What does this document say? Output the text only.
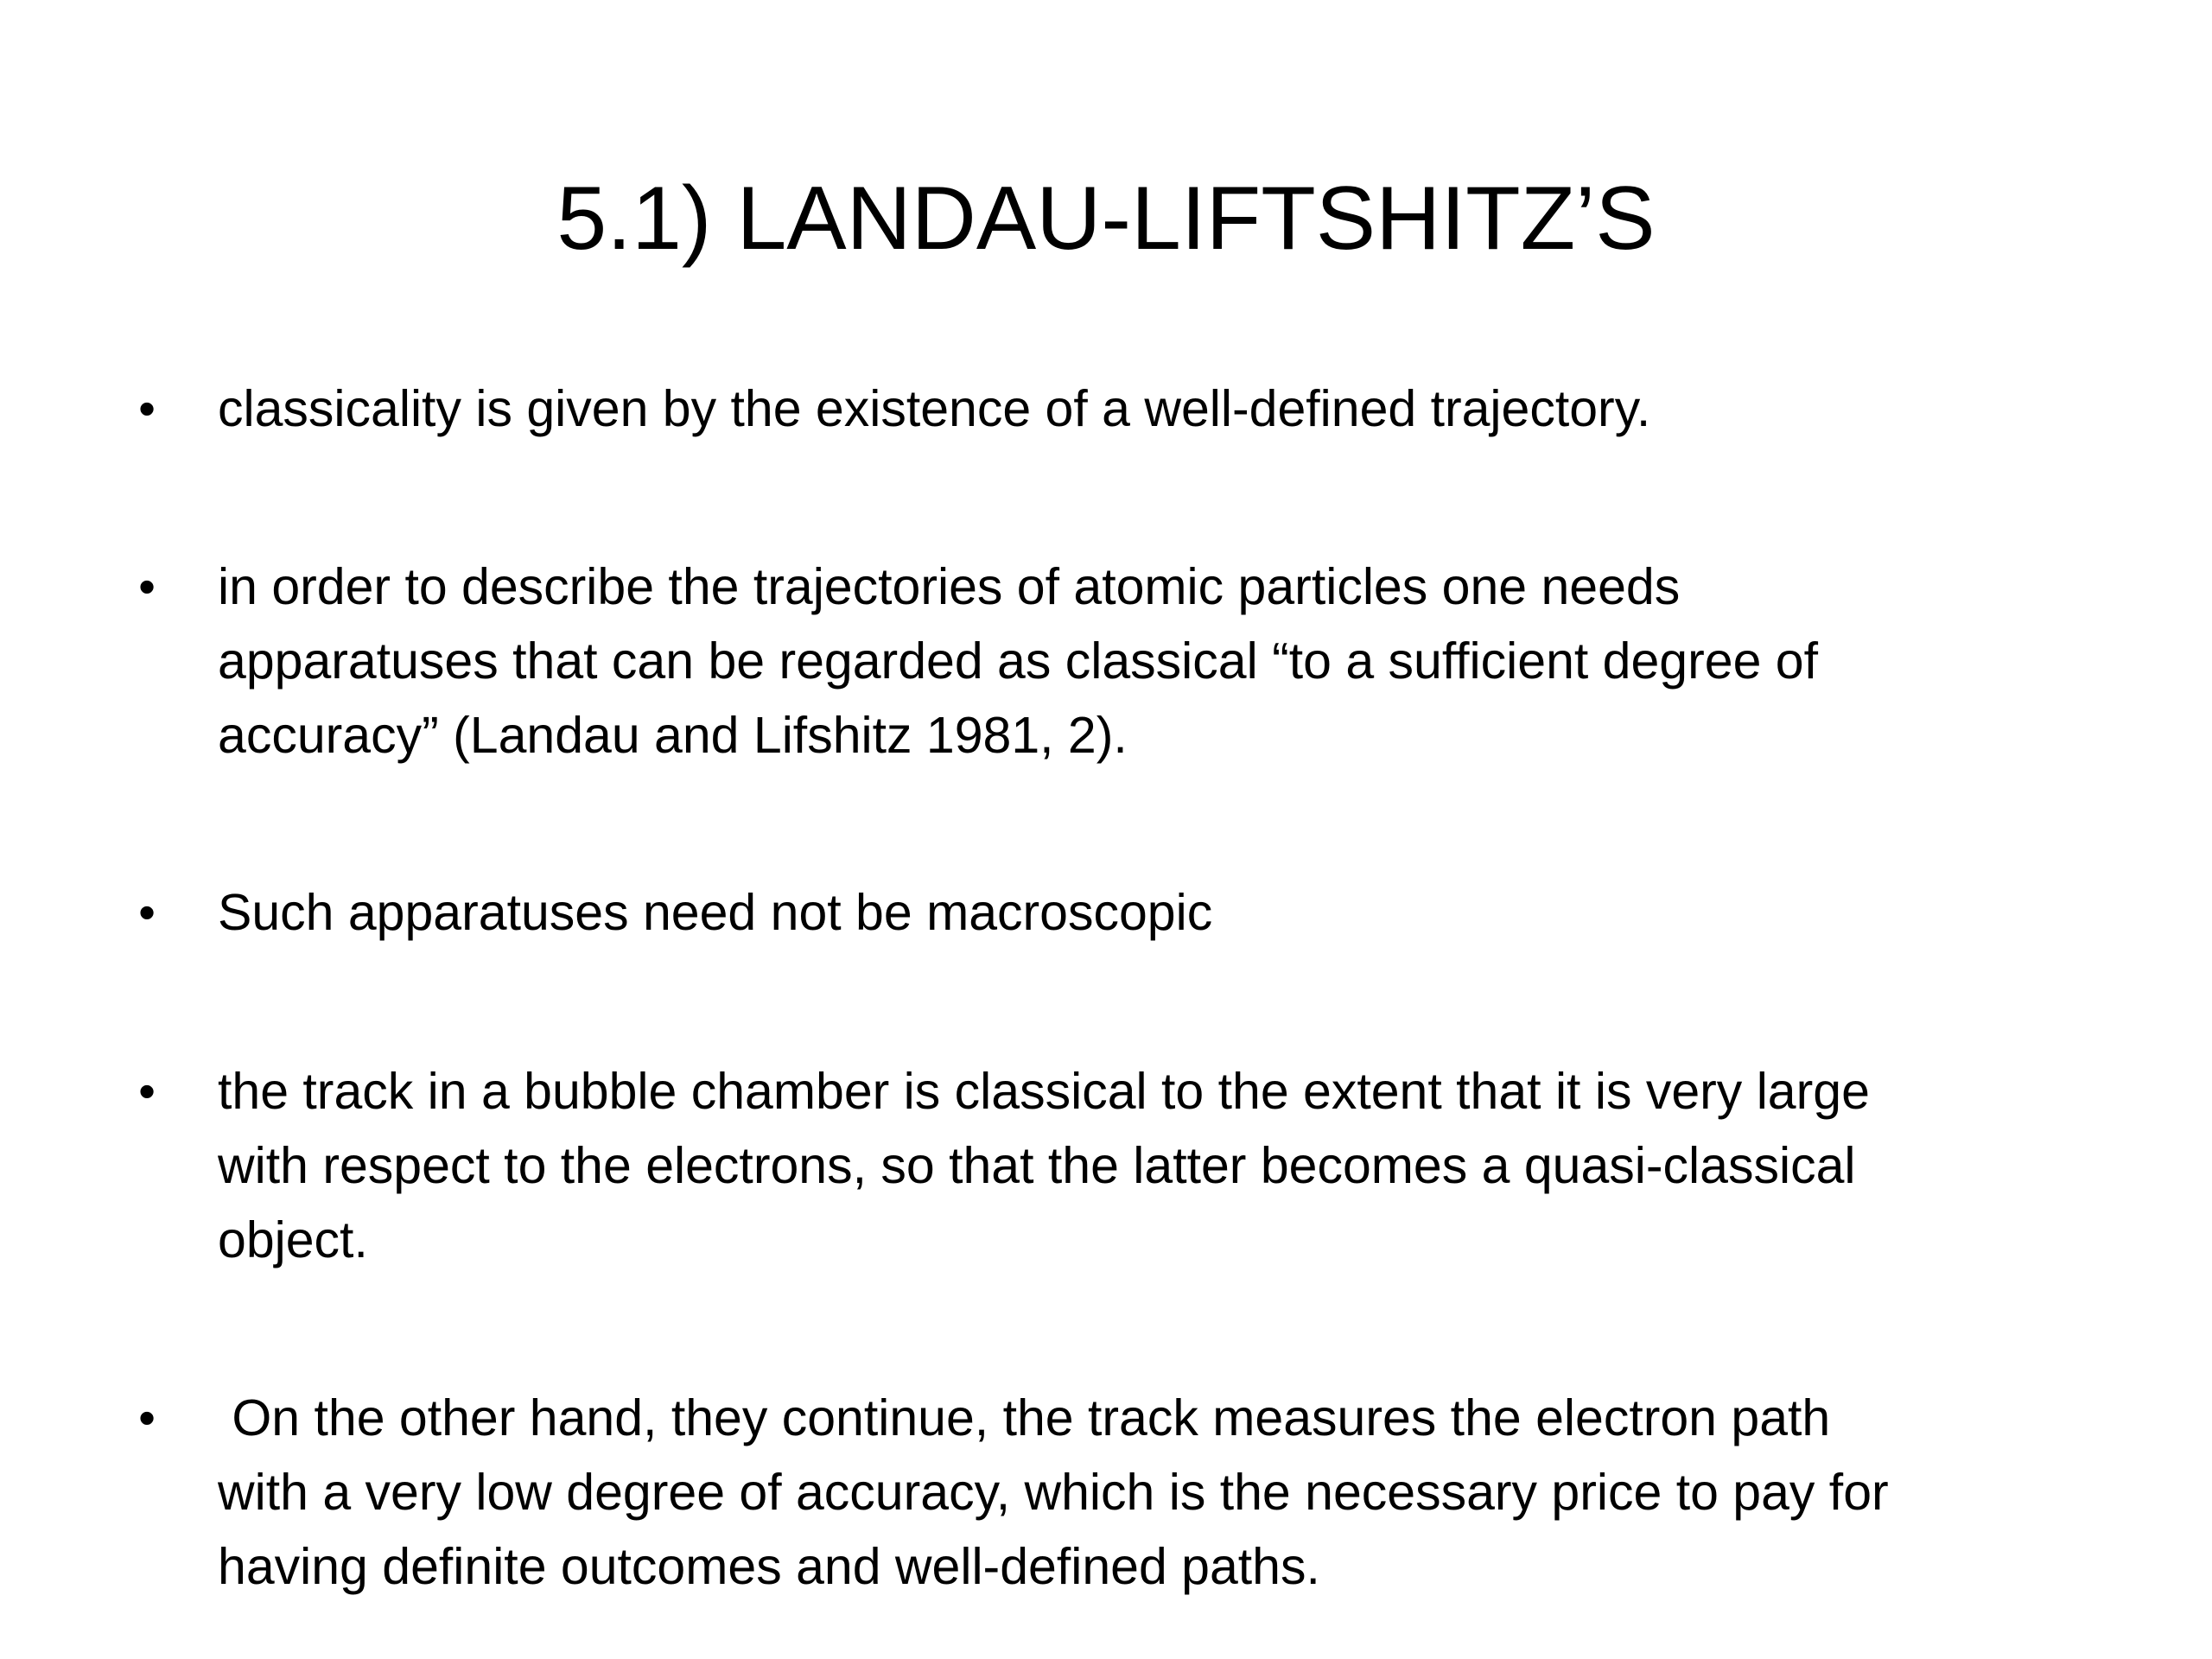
5.1) LANDAU-LIFTSHITZ’S
• classicality is given by the existence of a well-defined trajectory.
• in order to describe the trajectories of atomic particles one needs
apparatuses that can be regarded as classical “to a sufficient degree of
accuracy” (Landau and Lifshitz 1981, 2).
• Such apparatuses need not be macroscopic
• the track in a bubble chamber is classical to the extent that it is very large
with respect to the electrons, so that the latter becomes a quasi-classical
object.
• On the other hand, they continue, the track measures the electron path
with a very low degree of accuracy, which is the necessary price to pay for
having definite outcomes and well-defined paths.
